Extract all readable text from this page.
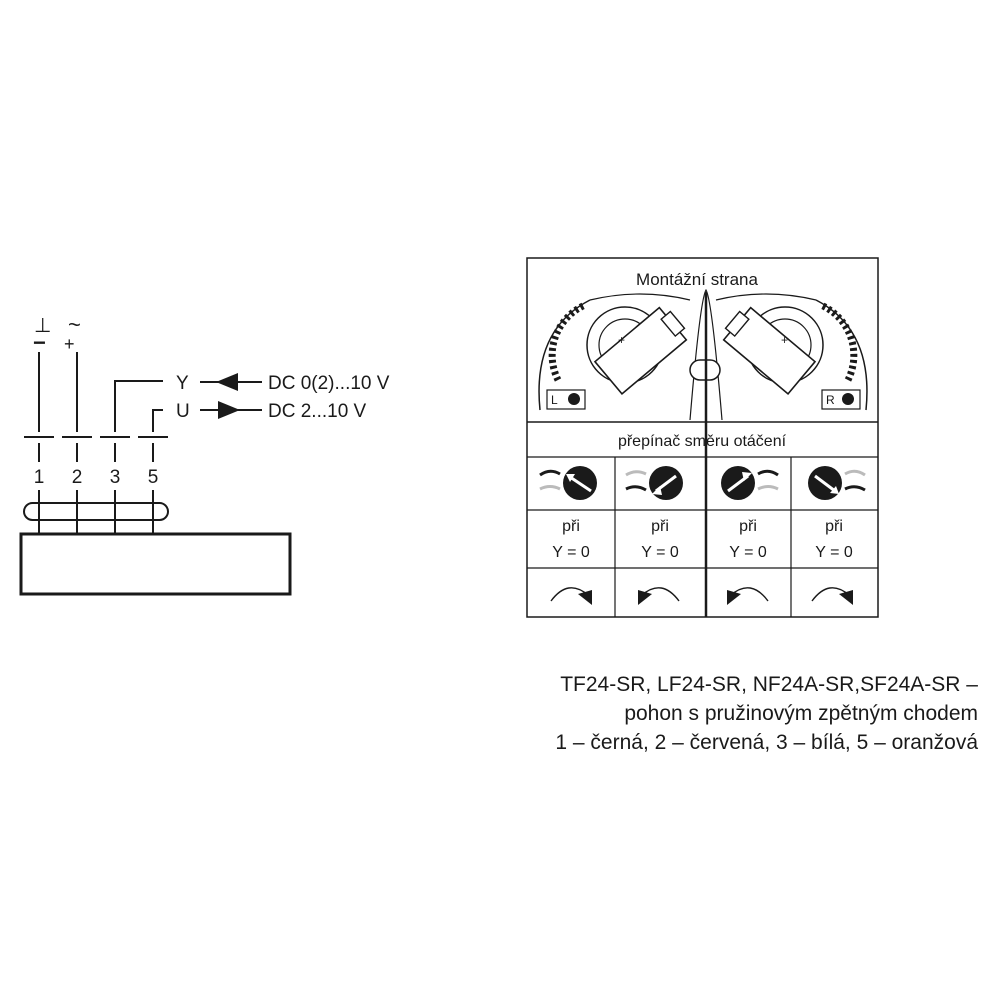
⊥
−
~
+
Y	DC 0(2)...10 V
U	DC 2...10 V
1 2 3 5
Montážní strana
+
L
+
R
přepínač směru otáčení
při
Y = 0
při
Y = 0
při
Y = 0
při
Y = 0
TF24-SR, LF24-SR, NF24A-SR,SF24A-SR –
pohon s pružinovým zpětným chodem
1 – černá, 2 – červená, 3 – bílá, 5 – oranžová
